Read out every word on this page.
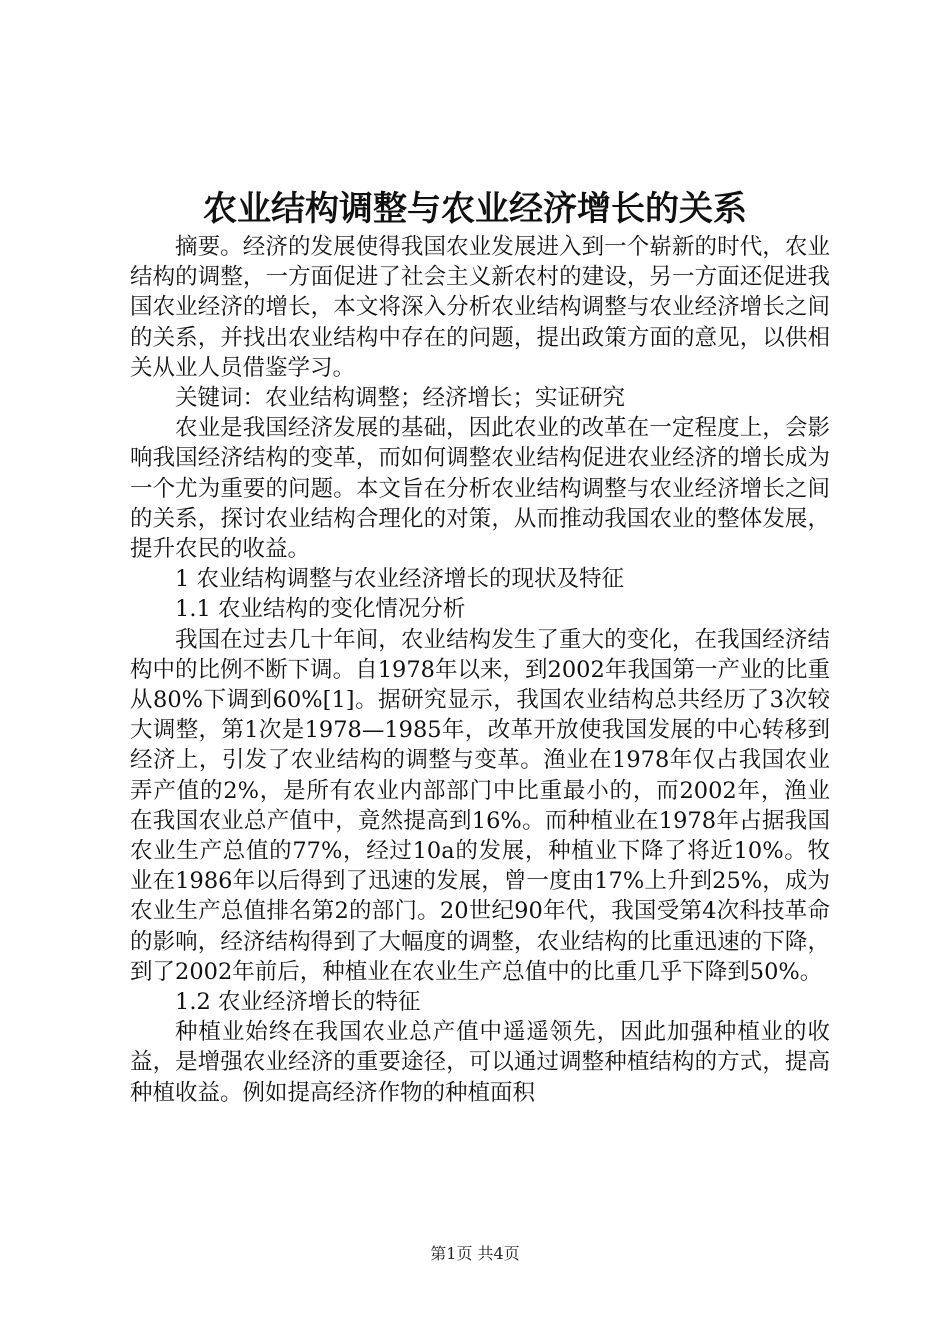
农业结构调整与农业经济增长的关系

摘要。经济的发展使得我国农业发展进入到一个崭新的时代，农业结构的调整，一方面促进了社会主义新农村的建设，另一方面还促进我国农业经济的增长，本文将深入分析农业结构调整与农业经济增长之间的关系，并找出农业结构中存在的问题，提出政策方面的意见，以供相关从业人员借鉴学习。

关键词：农业结构调整；经济增长；实证研究

农业是我国经济发展的基础，因此农业的改革在一定程度上，会影响我国经济结构的变革，而如何调整农业结构促进农业经济的增长成为一个尤为重要的问题。本文旨在分析农业结构调整与农业经济增长之间的关系，探讨农业结构合理化的对策，从而推动我国农业的整体发展，提升农民的收益。

1 农业结构调整与农业经济增长的现状及特征

1.1 农业结构的变化情况分析

我国在过去几十年间，农业结构发生了重大的变化，在我国经济结构中的比例不断下调。自1978年以来，到2002年我国第一产业的比重从80%下调到60%[1]。据研究显示，我国农业结构总共经历了3次较大调整，第1次是1978—1985年，改革开放使我国发展的中心转移到经济上，引发了农业结构的调整与变革。渔业在1978年仅占我国农业弄产值的2%，是所有农业内部部门中比重最小的，而2002年，渔业在我国农业总产值中，竟然提高到16%。而种植业在1978年占据我国农业生产总值的77%，经过10a的发展，种植业下降了将近10%。牧业在1986年以后得到了迅速的发展，曾一度由17%上升到25%，成为农业生产总值排名第2的部门。20世纪90年代，我国受第4次科技革命的影响，经济结构得到了大幅度的调整，农业结构的比重迅速的下降，到了2002年前后，种植业在农业生产总值中的比重几乎下降到50%。

1.2 农业经济增长的特征

种植业始终在我国农业总产值中遥遥领先，因此加强种植业的收益，是增强农业经济的重要途径，可以通过调整种植结构的方式，提高种植收益。例如提高经济作物的种植面积

第1页 共4页
